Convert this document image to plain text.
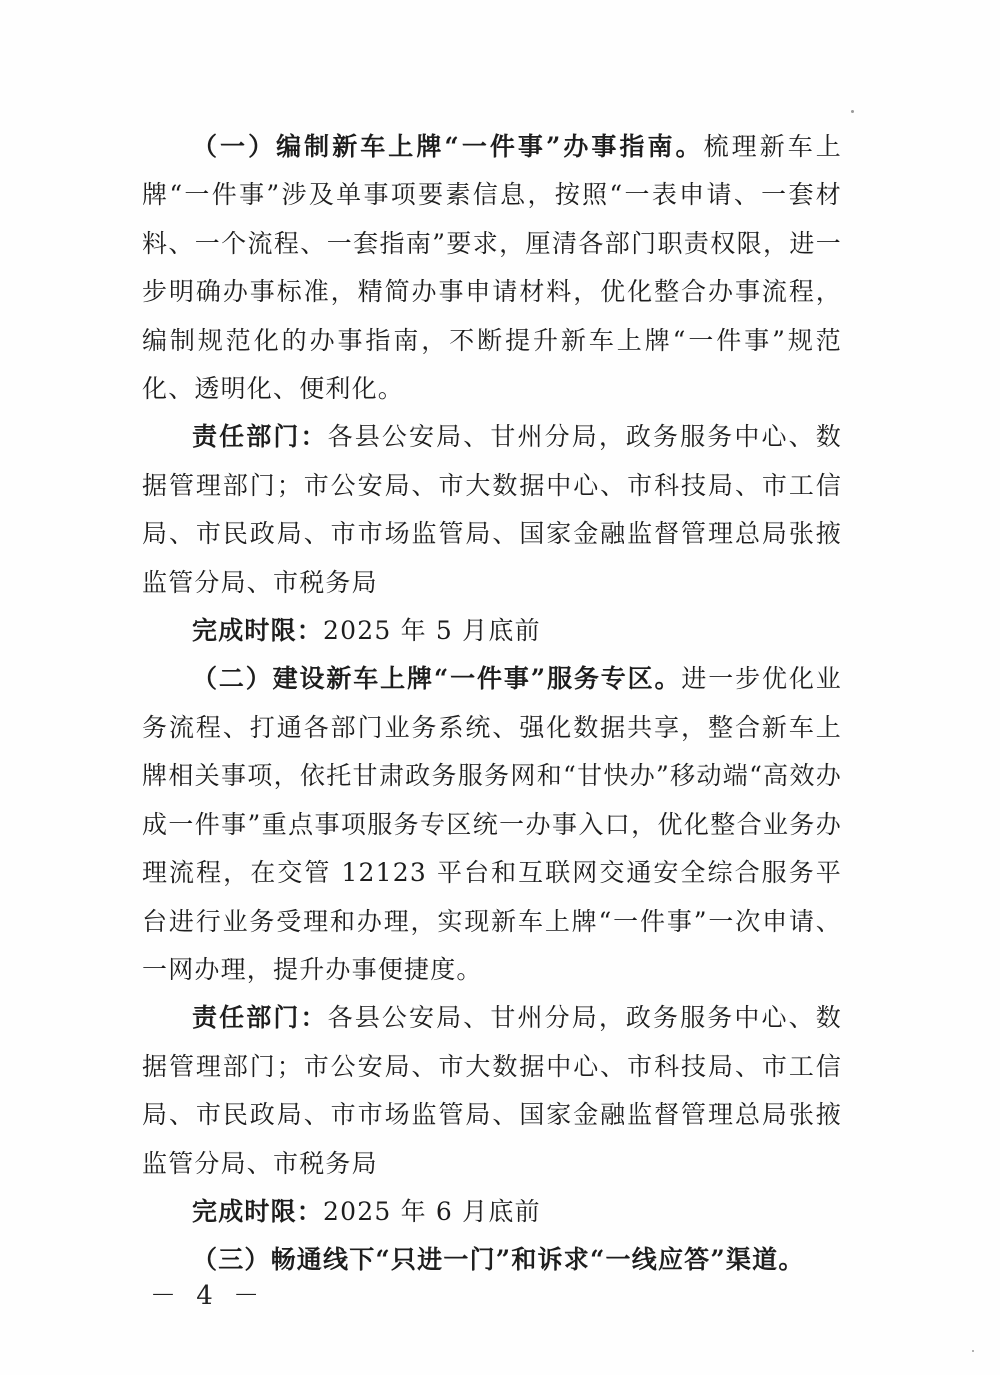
（一）编制新车上牌“一件事”办事指南。梳理新车上牌“一件事”涉及单事项要素信息，按照“一表申请、一套材料、一个流程、一套指南”要求，厘清各部门职责权限，进一步明确办事标准，精简办事申请材料，优化整合办事流程，编制规范化的办事指南，不断提升新车上牌“一件事”规范化、透明化、便利化。

责任部门：各县公安局、甘州分局，政务服务中心、数据管理部门；市公安局、市大数据中心、市科技局、市工信局、市民政局、市市场监管局、国家金融监督管理总局张掖监管分局、市税务局

完成时限：2025 年 5 月底前

（二）建设新车上牌“一件事”服务专区。进一步优化业务流程、打通各部门业务系统、强化数据共享，整合新车上牌相关事项，依托甘肃政务服务网和“甘快办”移动端“高效办成一件事”重点事项服务专区统一办事入口，优化整合业务办理流程，在交管 12123 平台和互联网交通安全综合服务平台进行业务受理和办理，实现新车上牌“一件事”一次申请、一网办理，提升办事便捷度。

责任部门：各县公安局、甘州分局，政务服务中心、数据管理部门；市公安局、市大数据中心、市科技局、市工信局、市民政局、市市场监管局、国家金融监督管理总局张掖监管分局、市税务局

完成时限：2025 年 6 月底前

（三）畅通线下“只进一门”和诉求“一线应答”渠道。

－ 4 －
